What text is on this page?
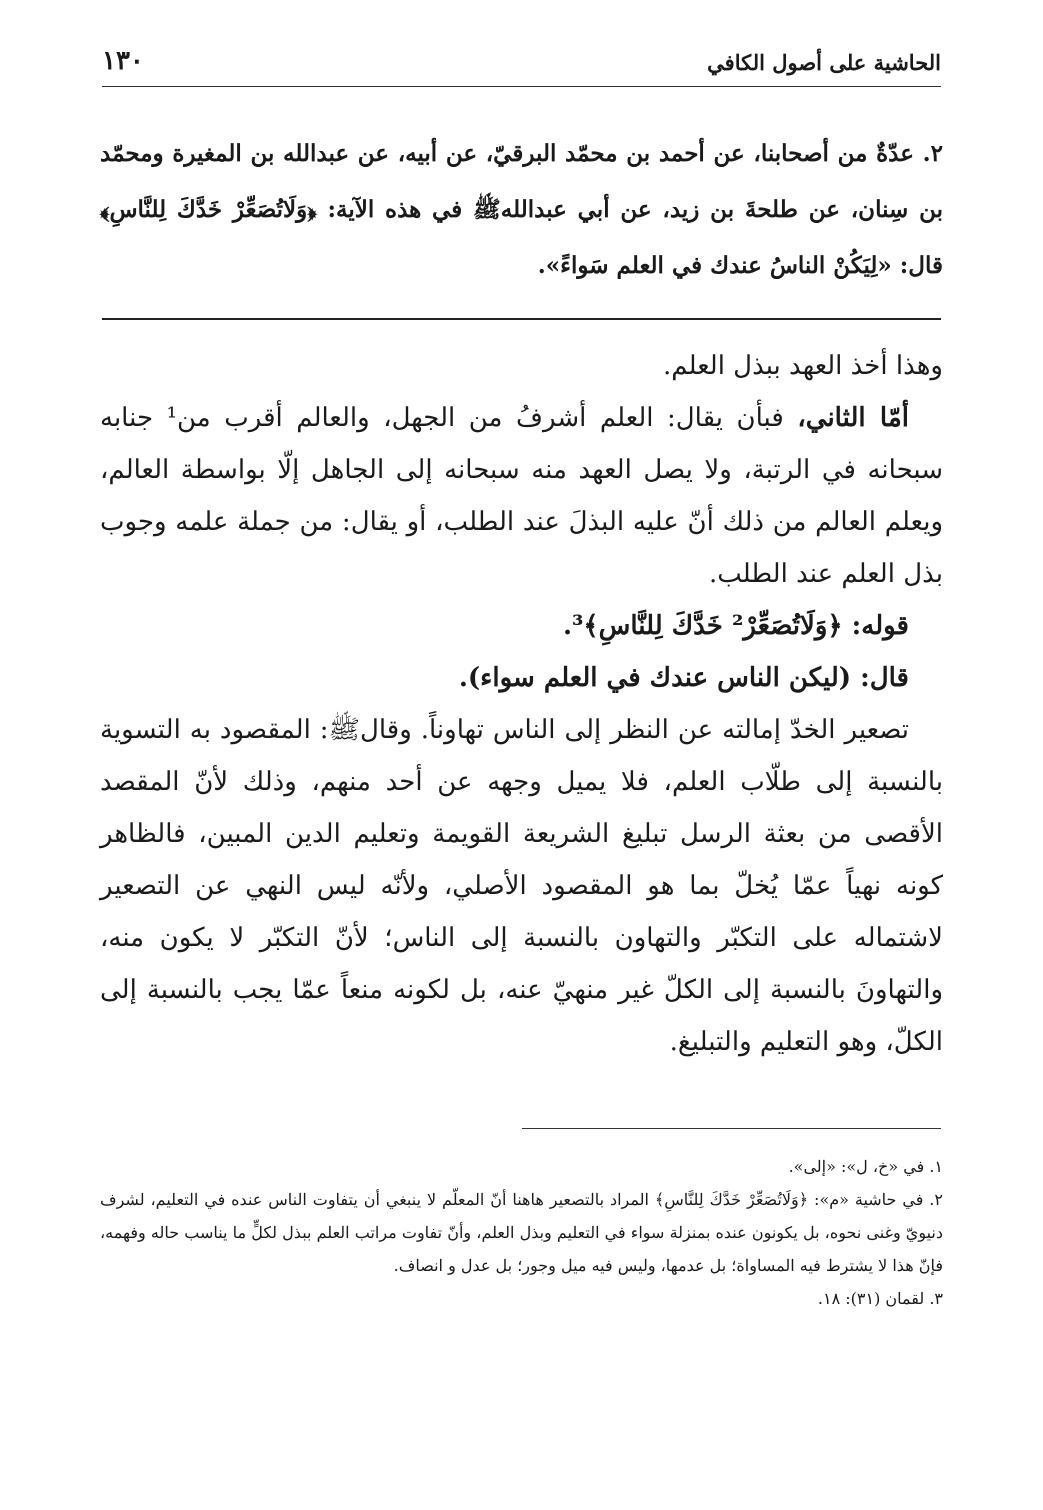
الحاشية على أصول الكافي
١٣٠
٢. عدّةٌ من أصحابنا، عن أحمد بن محمّد البرقيّ، عن أبيه، عن عبدالله بن المغيرة ومحمّد بن سِنان، عن طلحةَ بن زيد، عن أبي عبداللهﷺ في هذه الآية: ﴿وَلَاتُصَعِّرْ خَدَّكَ لِلنَّاسِ﴾ قال: «لِيَكُنْ الناسُ عندك في العلم سَواءً».

وهذا أخذ العهد ببذل العلم.

أمّا الثاني، فبأن يقال: العلم أشرفُ من الجهل، والعالم أقرب من¹ جنابه سبحانه في الرتبة، ولا يصل العهد منه سبحانه إلى الجاهل إلّا بواسطة العالم، ويعلم العالم من ذلك أنّ عليه البذلَ عند الطلب، أو يقال: من جملة علمه وجوب بذل العلم عند الطلب.

قوله: ﴿وَلَاتُصَعِّرْ² خَدَّكَ لِلنَّاسِ﴾³.

قال: (ليكن الناس عندك في العلم سواء).

تصعير الخدّ إمالته عن النظر إلى الناس تهاوناً. وقالﷺ: المقصود به التسوية بالنسبة إلى طلّاب العلم، فلا يميل وجهه عن أحد منهم، وذلك لأنّ المقصد الأقصى من بعثة الرسل تبليغ الشريعة القويمة وتعليم الدين المبين، فالظاهر كونه نهياً عمّا يُخلّ بما هو المقصود الأصلي، ولأنّه ليس النهي عن التصعير لاشتماله على التكبّر والتهاون بالنسبة إلى الناس؛ لأنّ التكبّر لا يكون منه، والتهاونَ بالنسبة إلى الكلّ غير منهيّ عنه، بل لكونه منعاً عمّا يجب بالنسبة إلى الكلّ، وهو التعليم والتبليغ.

١. في «خ، ل»: «إلى».

٢. في حاشية «م»: ﴿وَلَاتُصَعِّرْ خَدَّكَ لِلنَّاسِ﴾ المراد بالتصعير هاهنا أنّ المعلّم لا ينبغي أن يتفاوت الناس عنده في التعليم، لشرف دنيويّ وغنى نحوه، بل يكونون عنده بمنزلة سواء في التعليم وبذل العلم، وأنّ تفاوت مراتب العلم ببذل لكلٍّ ما يناسب حاله وفهمه، فإنّ هذا لا يشترط فيه المساواة؛ بل عدمها، وليس فيه ميل وجور؛ بل عدل و انصاف.

٣. لقمان (٣١): ١٨.
